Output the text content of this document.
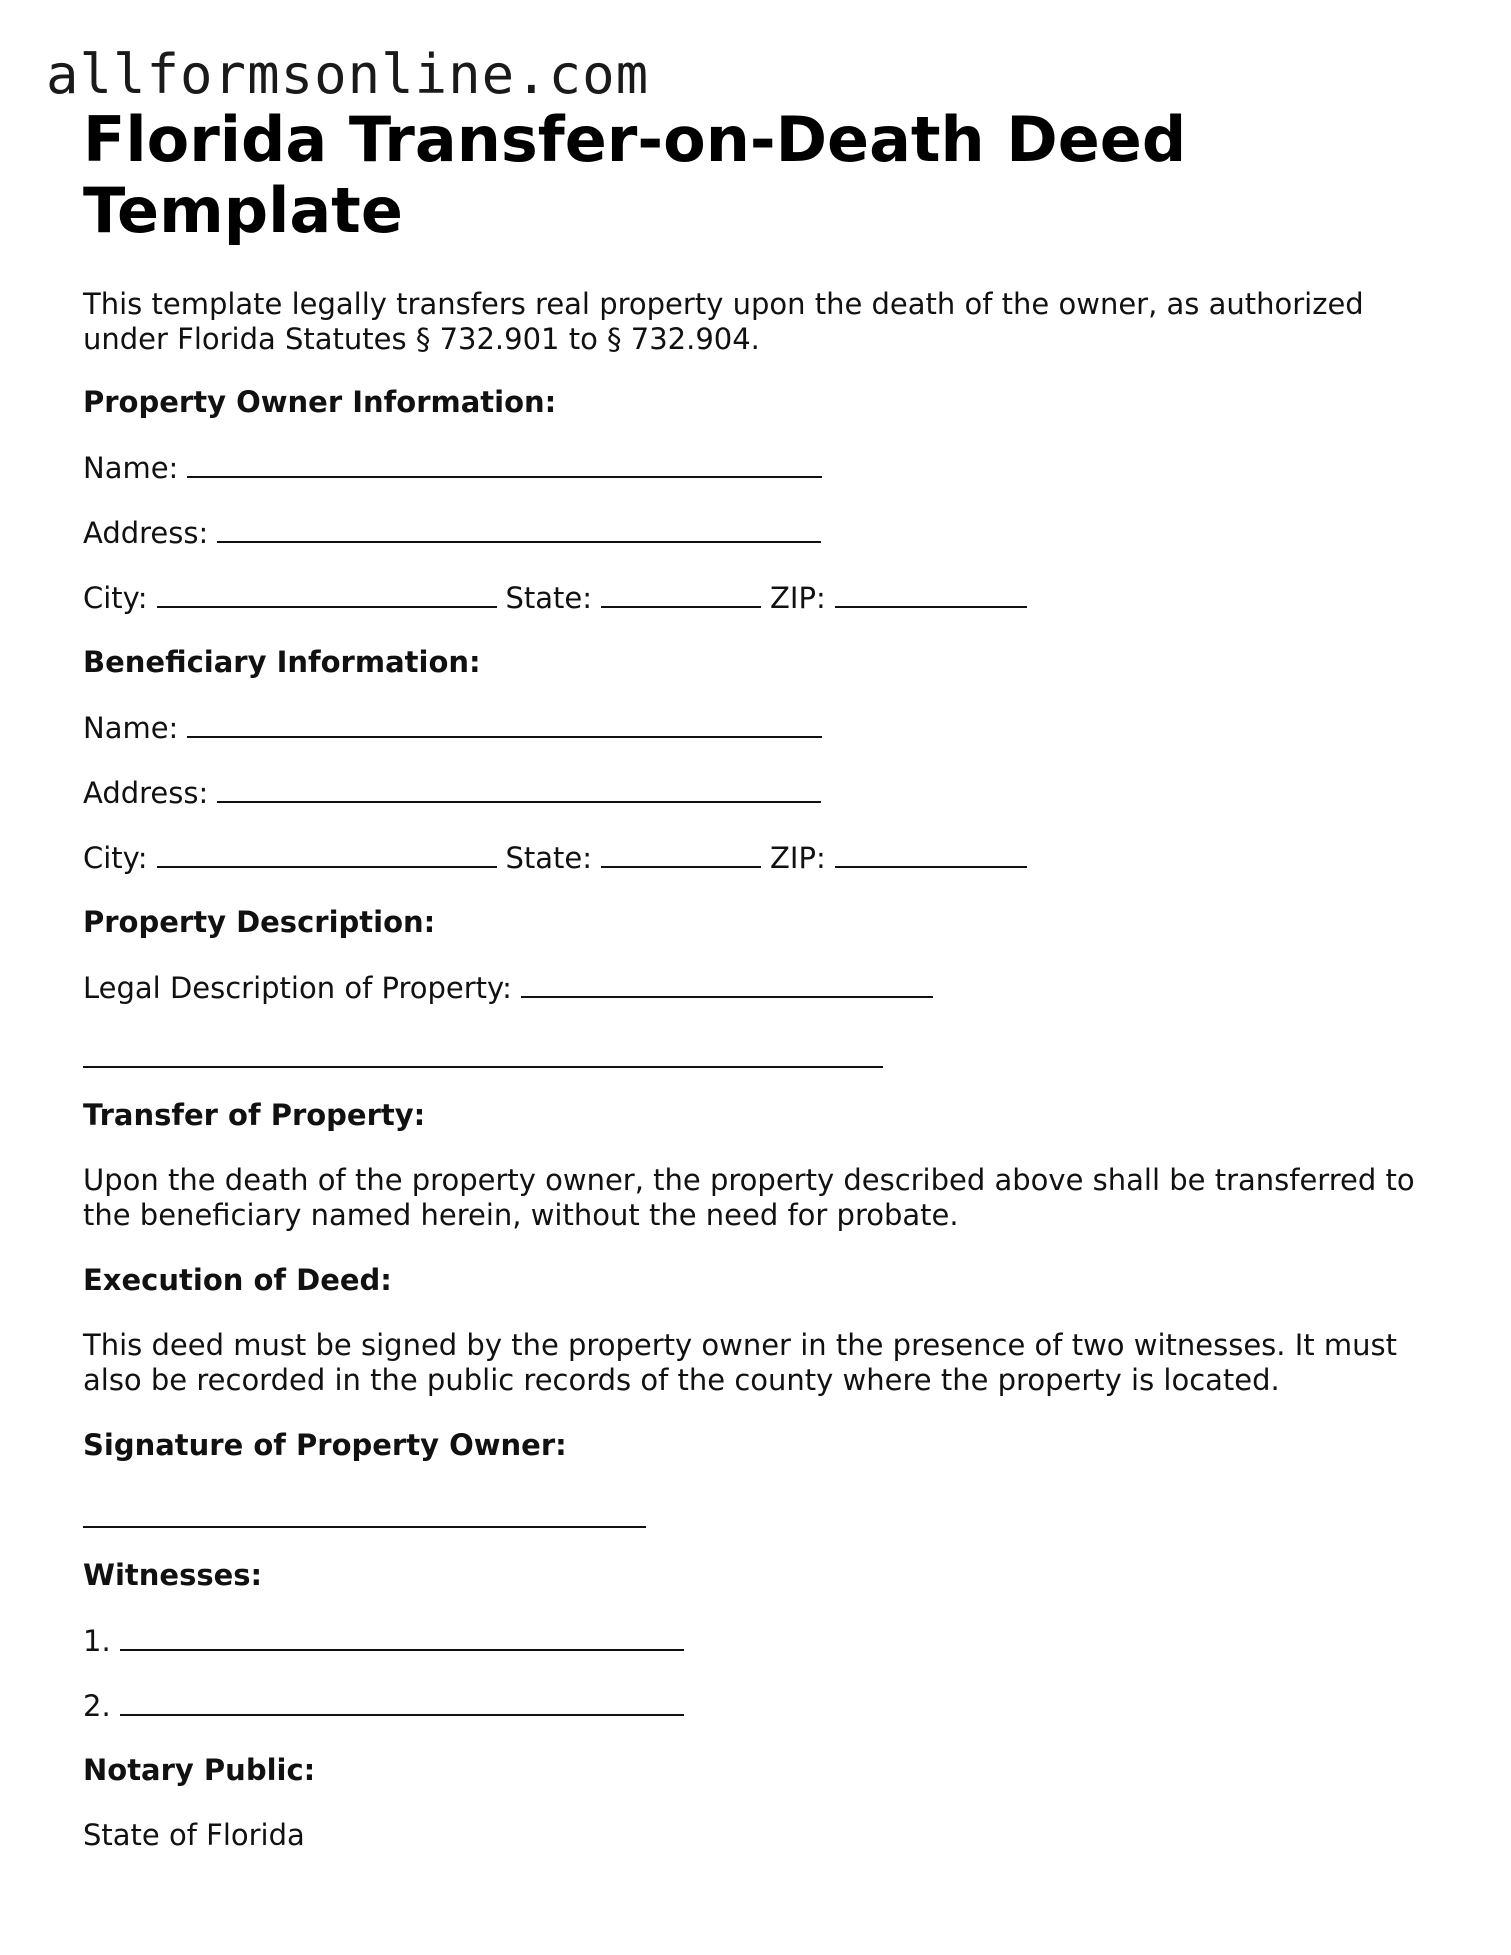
allformsonline.com
Florida Transfer-on-Death Deed Template
This template legally transfers real property upon the death of the owner, as authorized under Florida Statutes § 732.901 to § 732.904.
Property Owner Information:
Name:
Address:
City:	State:	ZIP:
Beneficiary Information:
Name:
Address:
City:	State:	ZIP:
Property Description:
Legal Description of Property:
Transfer of Property:
Upon the death of the property owner, the property described above shall be transferred to the beneficiary named herein, without the need for probate.
Execution of Deed:
This deed must be signed by the property owner in the presence of two witnesses. It must also be recorded in the public records of the county where the property is located.
Signature of Property Owner:
Witnesses:
1.
2.
Notary Public:
State of Florida
